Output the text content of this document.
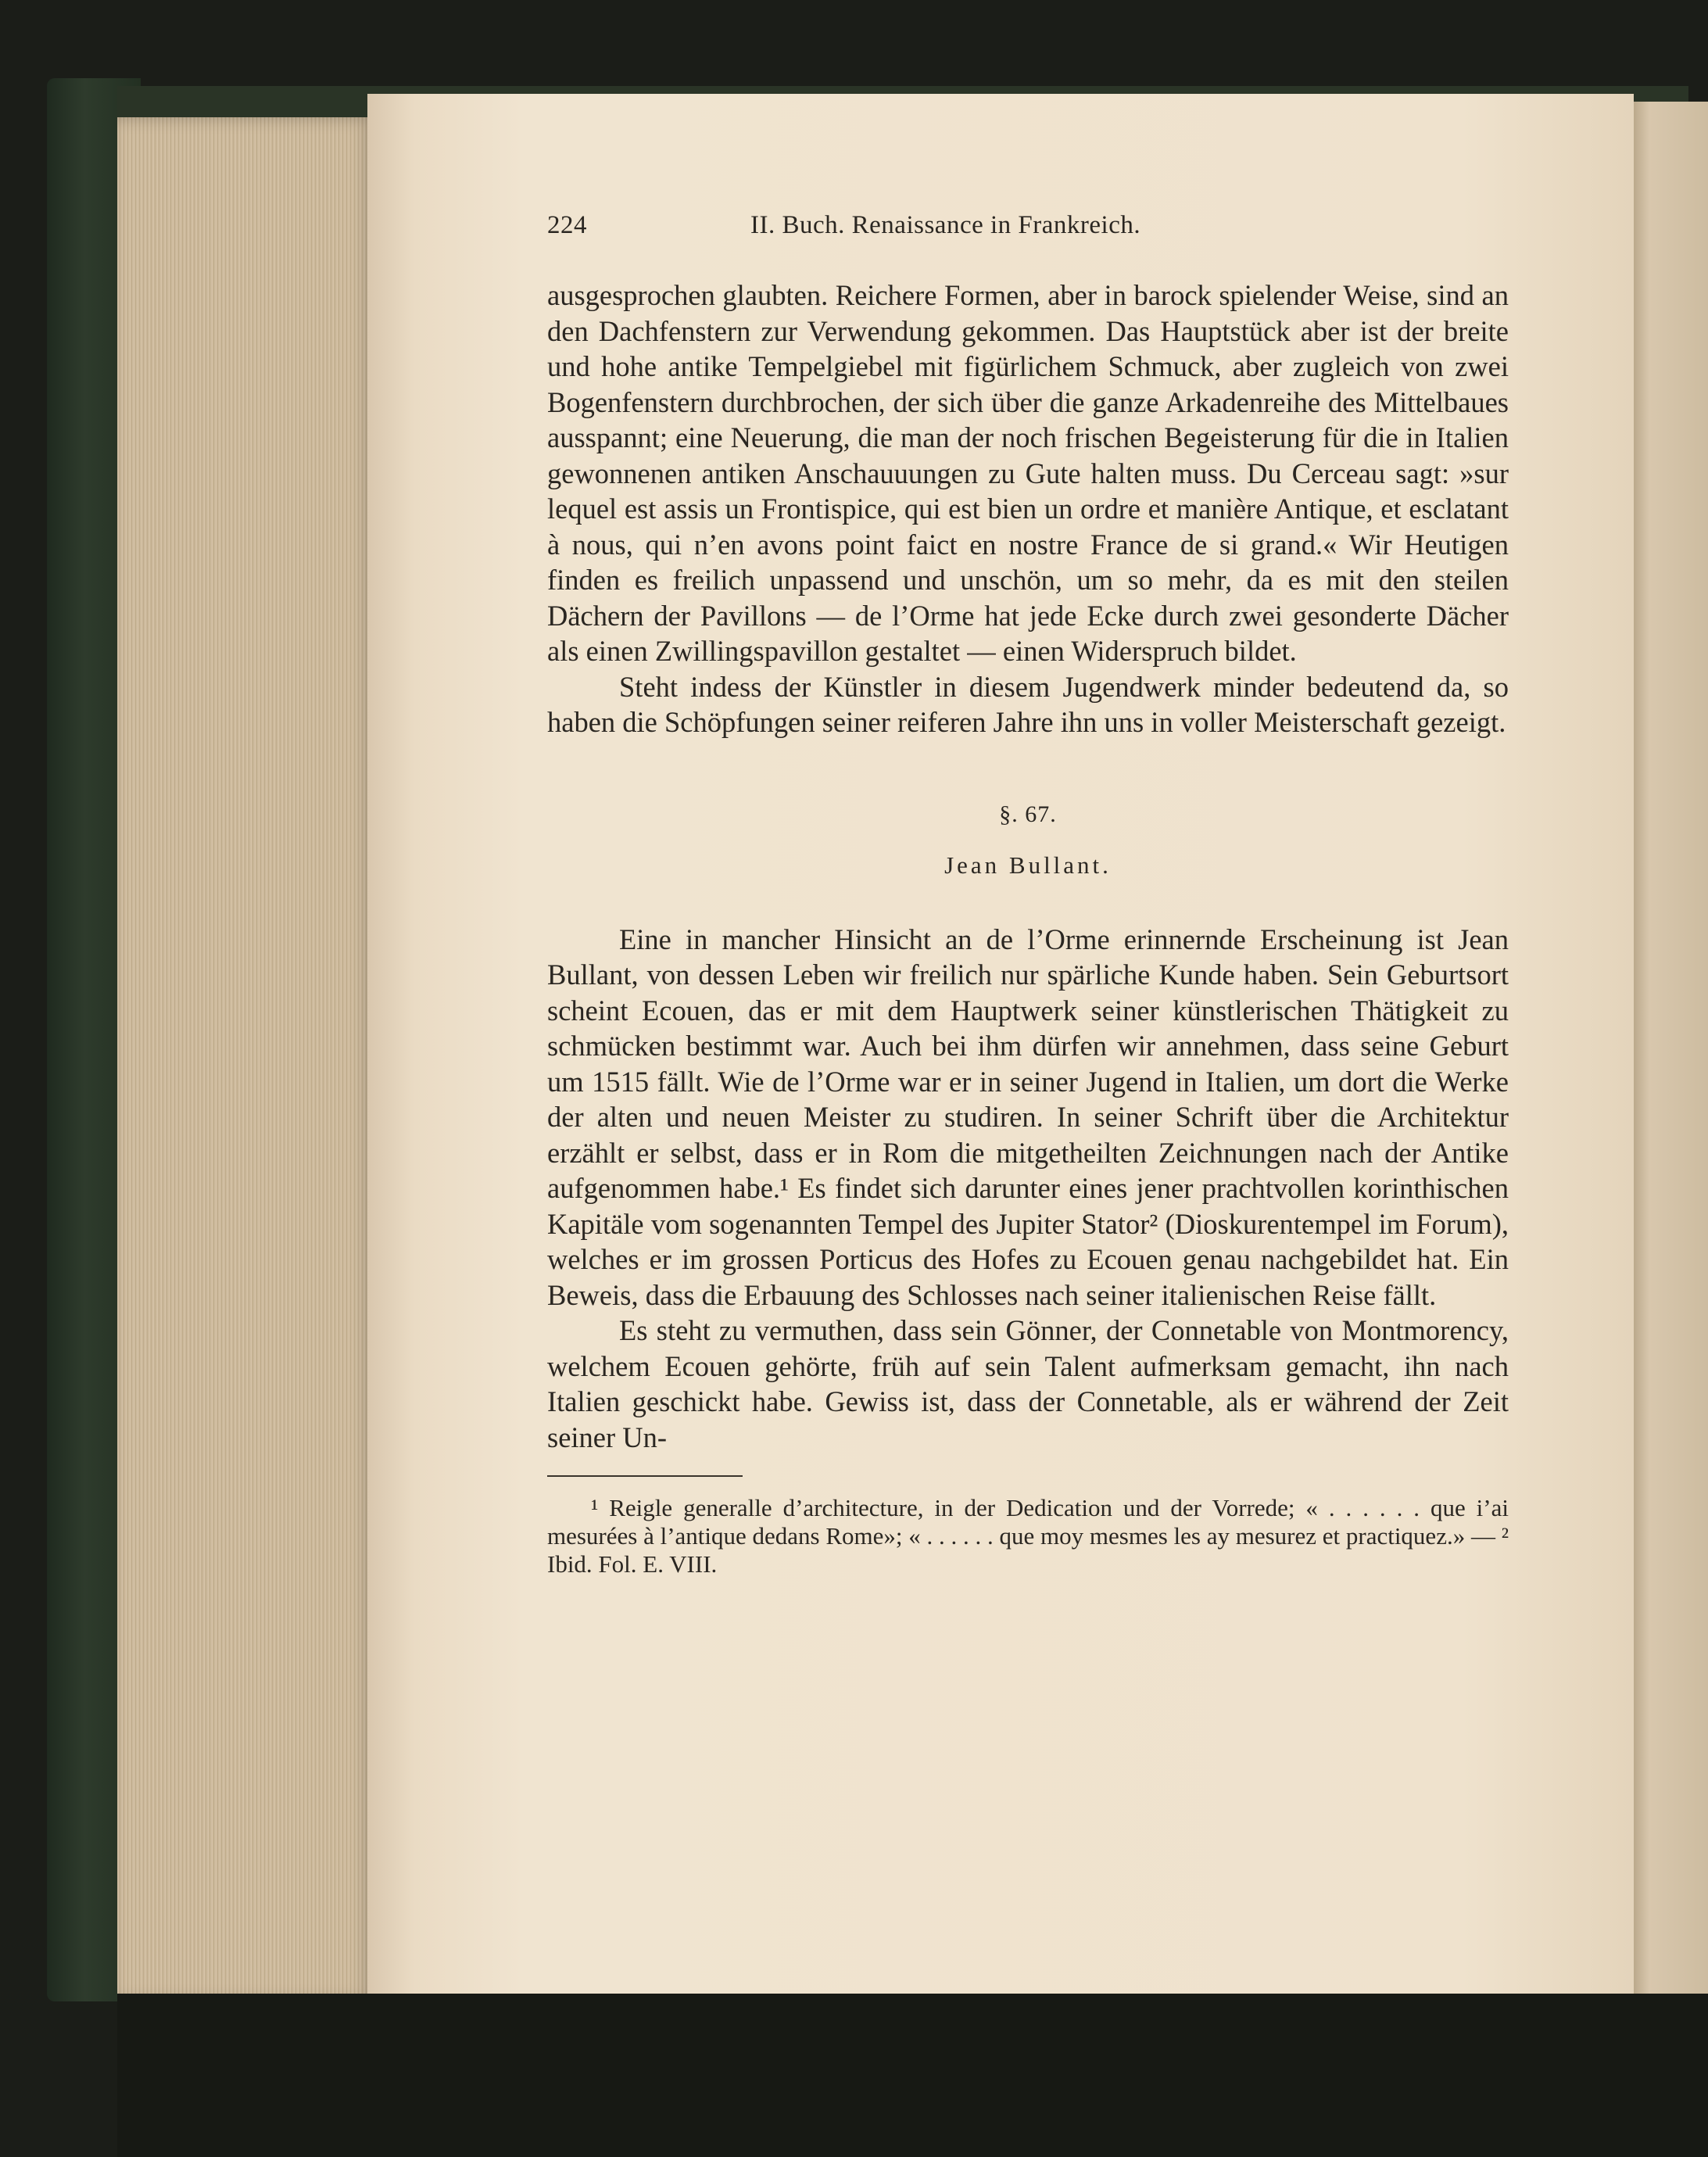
224	II. Buch. Renaissance in Frankreich.

ausgesprochen glaubten. Reichere Formen, aber in barock spielender Weise, sind an den Dachfenstern zur Verwendung gekommen. Das Hauptstück aber ist der breite und hohe antike Tempelgiebel mit figürlichem Schmuck, aber zugleich von zwei Bogenfenstern durchbrochen, der sich über die ganze Arkadenreihe des Mittelbaues ausspannt; eine Neuerung, die man der noch frischen Begeisterung für die in Italien gewonnenen antiken Anschauuungen zu Gute halten muss. Du Cerceau sagt: »sur lequel est assis un Frontispice, qui est bien un ordre et manière Antique, et esclatant à nous, qui n’en avons point faict en nostre France de si grand.« Wir Heutigen finden es freilich unpassend und unschön, um so mehr, da es mit den steilen Dächern der Pavillons — de l’Orme hat jede Ecke durch zwei gesonderte Dächer als einen Zwillingspavillon gestaltet — einen Widerspruch bildet.

Steht indess der Künstler in diesem Jugendwerk minder bedeutend da, so haben die Schöpfungen seiner reiferen Jahre ihn uns in voller Meisterschaft gezeigt.

§. 67.
Jean Bullant.

Eine in mancher Hinsicht an de l’Orme erinnernde Erscheinung ist Jean Bullant, von dessen Leben wir freilich nur spärliche Kunde haben. Sein Geburtsort scheint Ecouen, das er mit dem Hauptwerk seiner künstlerischen Thätigkeit zu schmücken bestimmt war. Auch bei ihm dürfen wir annehmen, dass seine Geburt um 1515 fällt. Wie de l’Orme war er in seiner Jugend in Italien, um dort die Werke der alten und neuen Meister zu studiren. In seiner Schrift über die Architektur erzählt er selbst, dass er in Rom die mitgetheilten Zeichnungen nach der Antike aufgenommen habe.¹ Es findet sich darunter eines jener prachtvollen korinthischen Kapitäle vom sogenannten Tempel des Jupiter Stator² (Dioskurentempel im Forum), welches er im grossen Porticus des Hofes zu Ecouen genau nachgebildet hat. Ein Beweis, dass die Erbauung des Schlosses nach seiner italienischen Reise fällt.

Es steht zu vermuthen, dass sein Gönner, der Connetable von Montmorency, welchem Ecouen gehörte, früh auf sein Talent aufmerksam gemacht, ihn nach Italien geschickt habe. Gewiss ist, dass der Connetable, als er während der Zeit seiner Un-

¹ Reigle generalle d’architecture, in der Dedication und der Vorrede; « . . . . . . que i’ai mesurées à l’antique dedans Rome»; « . . . . . . que moy mesmes les ay mesurez et practiquez.» — ² Ibid. Fol. E. VIII.
